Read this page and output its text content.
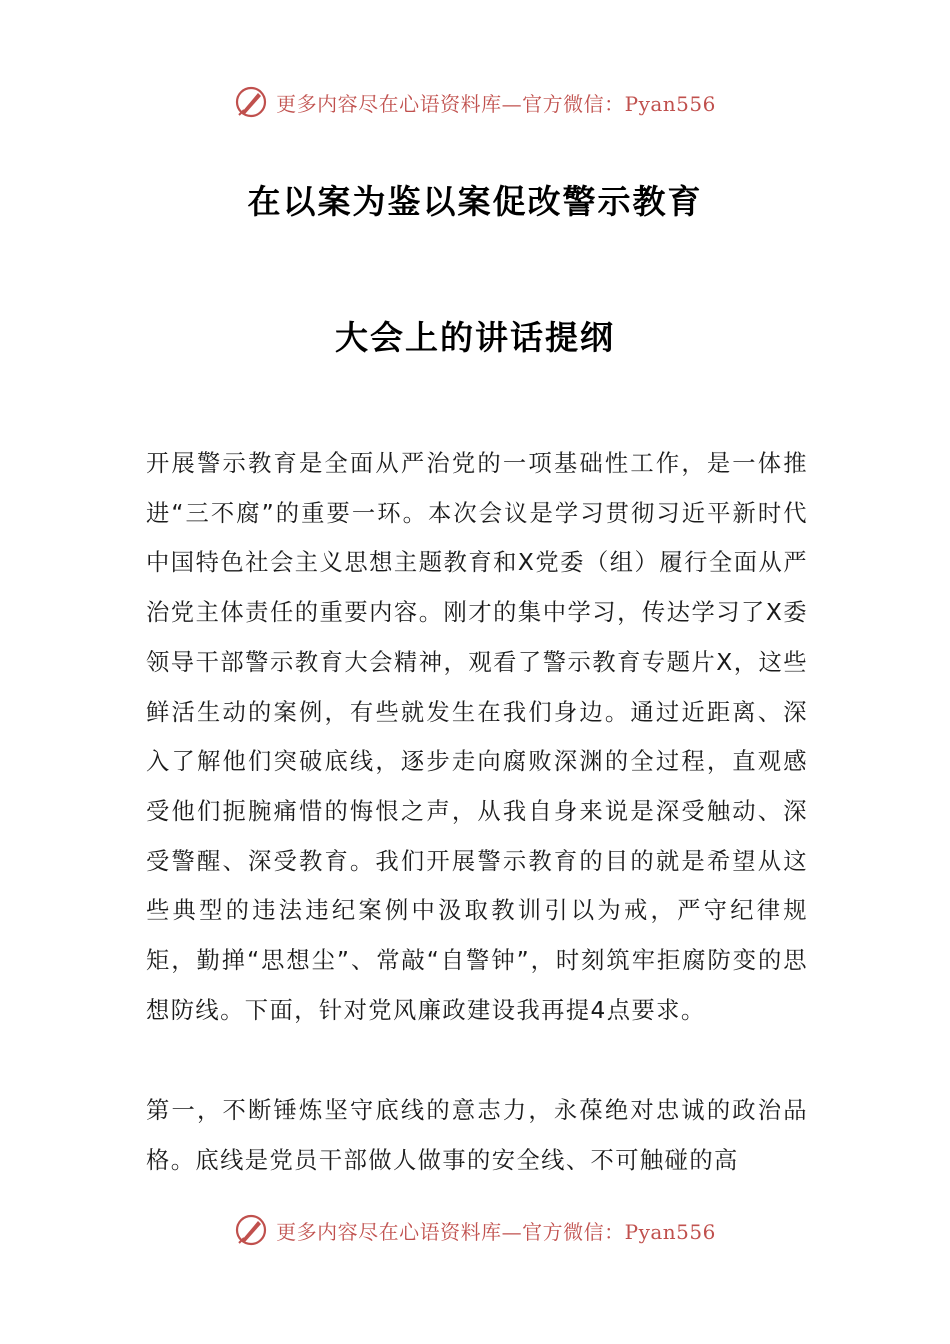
更多内容尽在心语资料库—官方微信：Pyan556
在以案为鉴以案促改警示教育
大会上的讲话提纲

开展警示教育是全面从严治党的一项基础性工作，是一体推进“三不腐”的重要一环。本次会议是学习贯彻习近平新时代中国特色社会主义思想主题教育和X党委（组）履行全面从严治党主体责任的重要内容。刚才的集中学习，传达学习了X委领导干部警示教育大会精神，观看了警示教育专题片X，这些鲜活生动的案例，有些就发生在我们身边。通过近距离、深入了解他们突破底线，逐步走向腐败深渊的全过程，直观感受他们扼腕痛惜的悔恨之声，从我自身来说是深受触动、深受警醒、深受教育。我们开展警示教育的目的就是希望从这些典型的违法违纪案例中汲取教训引以为戒，严守纪律规矩，勤掸“思想尘”、常敲“自警钟”，时刻筑牢拒腐防变的思想防线。下面，针对党风廉政建设我再提4点要求。

第一，不断锤炼坚守底线的意志力，永葆绝对忠诚的政治品格。底线是党员干部做人做事的安全线、不可触碰的高

更多内容尽在心语资料库—官方微信：Pyan556
